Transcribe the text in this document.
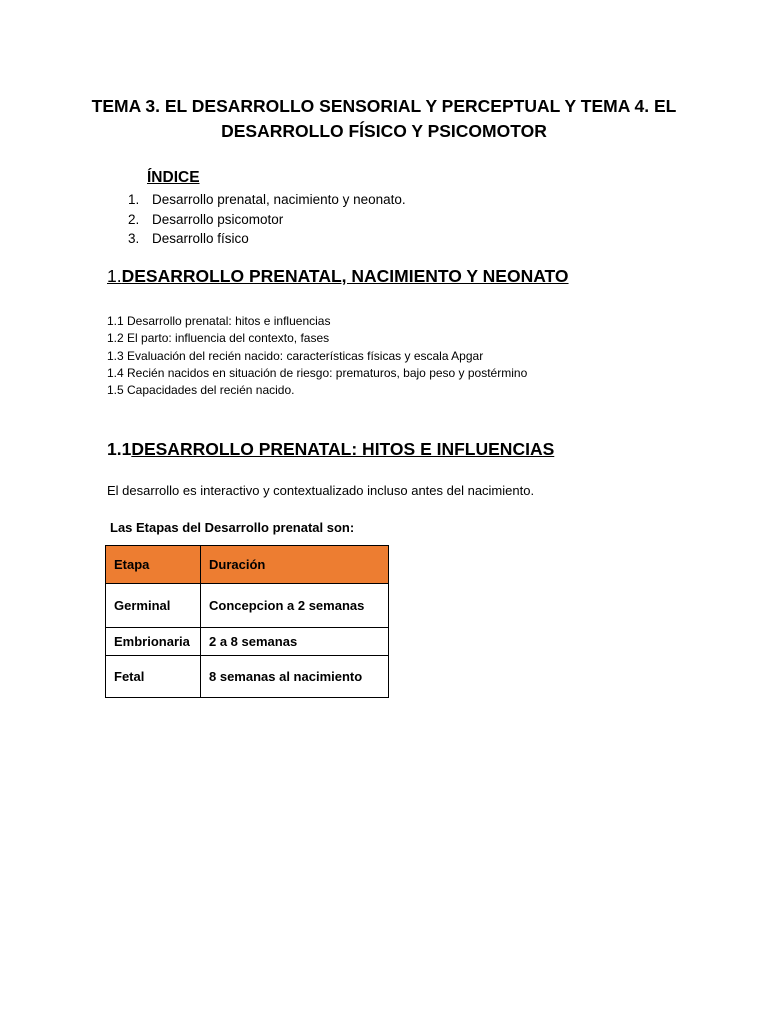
TEMA 3. EL DESARROLLO SENSORIAL Y PERCEPTUAL Y TEMA 4. EL DESARROLLO FÍSICO Y PSICOMOTOR
ÍNDICE
1. Desarrollo prenatal, nacimiento y neonato.
2. Desarrollo psicomotor
3. Desarrollo físico
1.DESARROLLO PRENATAL, NACIMIENTO Y NEONATO
1.1 Desarrollo prenatal: hitos e influencias
1.2 El parto: influencia del contexto, fases
1.3 Evaluación del recién nacido: características físicas y escala Apgar
1.4 Recién nacidos en situación de riesgo: prematuros, bajo peso y postérmino
1.5 Capacidades del recién nacido.
1.1DESARROLLO PRENATAL: HITOS E INFLUENCIAS

El desarrollo es interactivo y contextualizado incluso antes del nacimiento.

Las Etapas del Desarrollo prenatal son:

Etapa	Duración
Germinal	Concepcion a 2 semanas
Embrionaria	2 a 8 semanas
Fetal	8 semanas al nacimiento
